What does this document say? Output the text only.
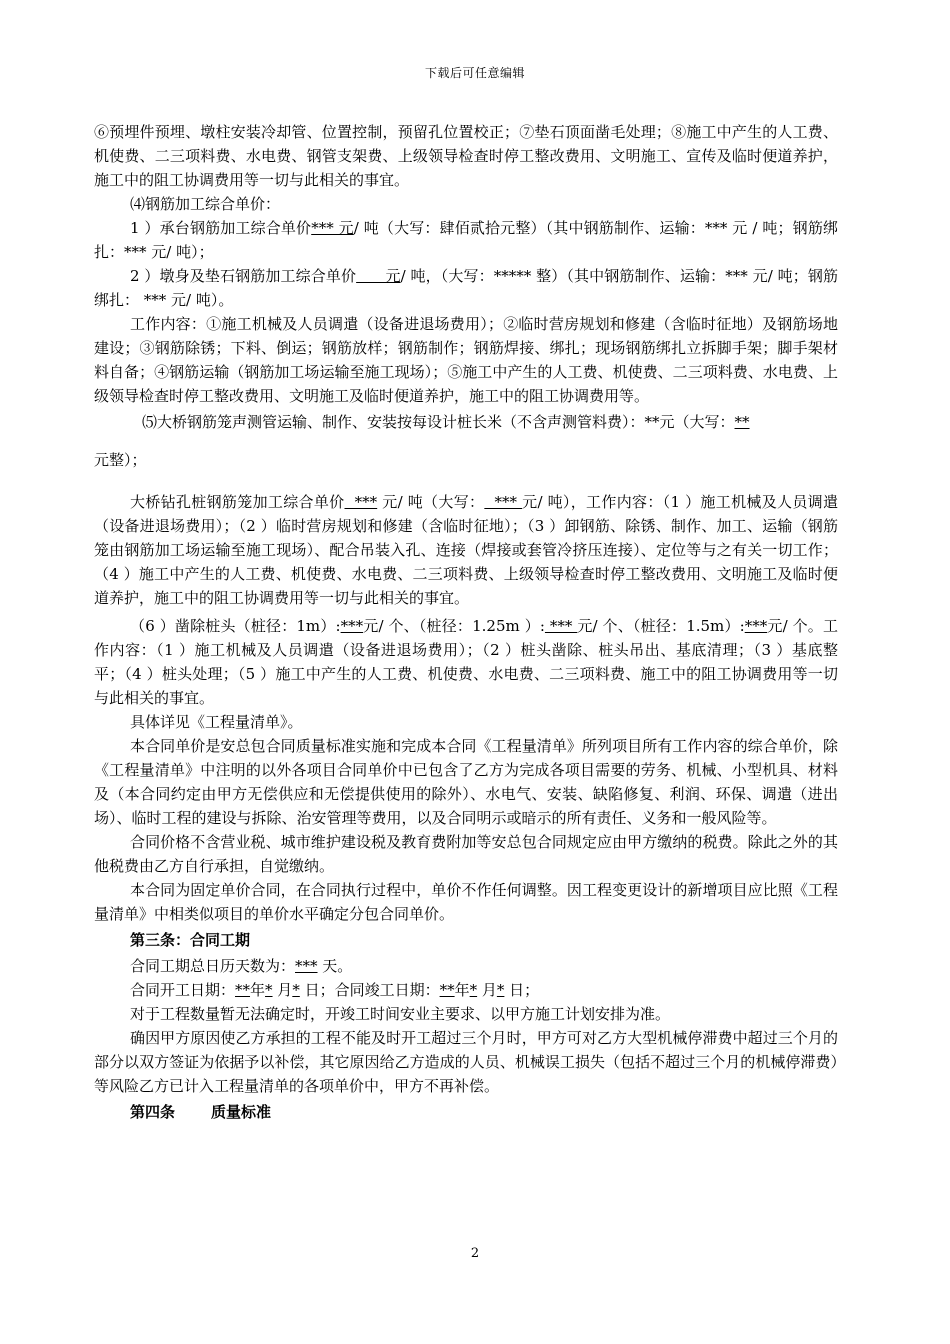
下载后可任意编辑

⑥预埋件预埋、墩柱安装冷却管、位置控制，预留孔位置校正；⑦垫石顶面凿毛处理；⑧施工中产生的人工费、机使费、二三项料费、水电费、钢管支架费、上级领导检查时停工整改费用、文明施工、宣传及临时便道养护，施工中的阻工协调费用等一切与此相关的事宜。

⑷钢筋加工综合单价：

1 ）承台钢筋加工综合单价*** 元/ 吨（大写：肆佰贰拾元整）（其中钢筋制作、运输：*** 元 / 吨；钢筋绑扎：*** 元/ 吨）；

2 ）墩身及垫石钢筋加工综合单价      元/ 吨，（大写：***** 整）（其中钢筋制作、运输：*** 元/ 吨；钢筋绑扎： *** 元/ 吨）。

工作内容：①施工机械及人员调遣（设备进退场费用）；②临时营房规划和修建（含临时征地）及钢筋场地建设；③钢筋除锈；下料、倒运；钢筋放样；钢筋制作；钢筋焊接、绑扎；现场钢筋绑扎立拆脚手架；脚手架材料自备；④钢筋运输（钢筋加工场运输至施工现场）；⑤施工中产生的人工费、机使费、二三项料费、水电费、上级领导检查时停工整改费用、文明施工及临时便道养护，施工中的阻工协调费用等。

⑸大桥钢筋笼声测管运输、制作、安装按每设计桩长米（不含声测管料费）：**元（大写：**

元整）；

大桥钻孔桩钢筋笼加工综合单价  *** 元/ 吨（大写：  *** 元/ 吨），工作内容：（1 ）施工机械及人员调遣（设备进退场费用）；（2 ）临时营房规划和修建（含临时征地）；（3 ）卸钢筋、除锈、制作、加工、运输（钢筋笼由钢筋加工场运输至施工现场）、配合吊装入孔、连接（焊接或套管冷挤压连接）、定位等与之有关一切工作；（4 ）施工中产生的人工费、机使费、水电费、二三项料费、上级领导检查时停工整改费用、文明施工及临时便道养护，施工中的阻工协调费用等一切与此相关的事宜。

（6 ）凿除桩头（桩径：1m）:***元/ 个、（桩径：1.25m ）: *** 元/ 个、（桩径：1.5m）:***元/ 个。工作内容：（1 ）施工机械及人员调遣（设备进退场费用）；（2 ）桩头凿除、桩头吊出、基底清理；（3 ）基底整平；（4 ）桩头处理；（5 ）施工中产生的人工费、机使费、水电费、二三项料费、施工中的阻工协调费用等一切与此相关的事宜。

具体详见《工程量清单》。

本合同单价是安总包合同质量标准实施和完成本合同《工程量清单》所列项目所有工作内容的综合单价，除《工程量清单》中注明的以外各项目合同单价中已包含了乙方为完成各项目需要的劳务、机械、小型机具、材料及（本合同约定由甲方无偿供应和无偿提供使用的除外）、水电气、安装、缺陷修复、利润、环保、调遣（进出场）、临时工程的建设与拆除、治安管理等费用，以及合同明示或暗示的所有责任、义务和一般风险等。

合同价格不含营业税、城市维护建设税及教育费附加等安总包合同规定应由甲方缴纳的税费。除此之外的其他税费由乙方自行承担，自觉缴纳。

本合同为固定单价合同，在合同执行过程中，单价不作任何调整。因工程变更设计的新增项目应比照《工程量清单》中相类似项目的单价水平确定分包合同单价。

第三条：合同工期

合同工期总日历天数为：*** 天。

合同开工日期：**年* 月* 日；合同竣工日期：**年* 月* 日；

对于工程数量暂无法确定时，开竣工时间安业主要求、以甲方施工计划安排为准。

确因甲方原因使乙方承担的工程不能及时开工超过三个月时，甲方可对乙方大型机械停滞费中超过三个月的部分以双方签证为依据予以补偿，其它原因给乙方造成的人员、机械误工损失（包括不超过三个月的机械停滞费）等风险乙方已计入工程量清单的各项单价中，甲方不再补偿。

第四条 质量标准

2
